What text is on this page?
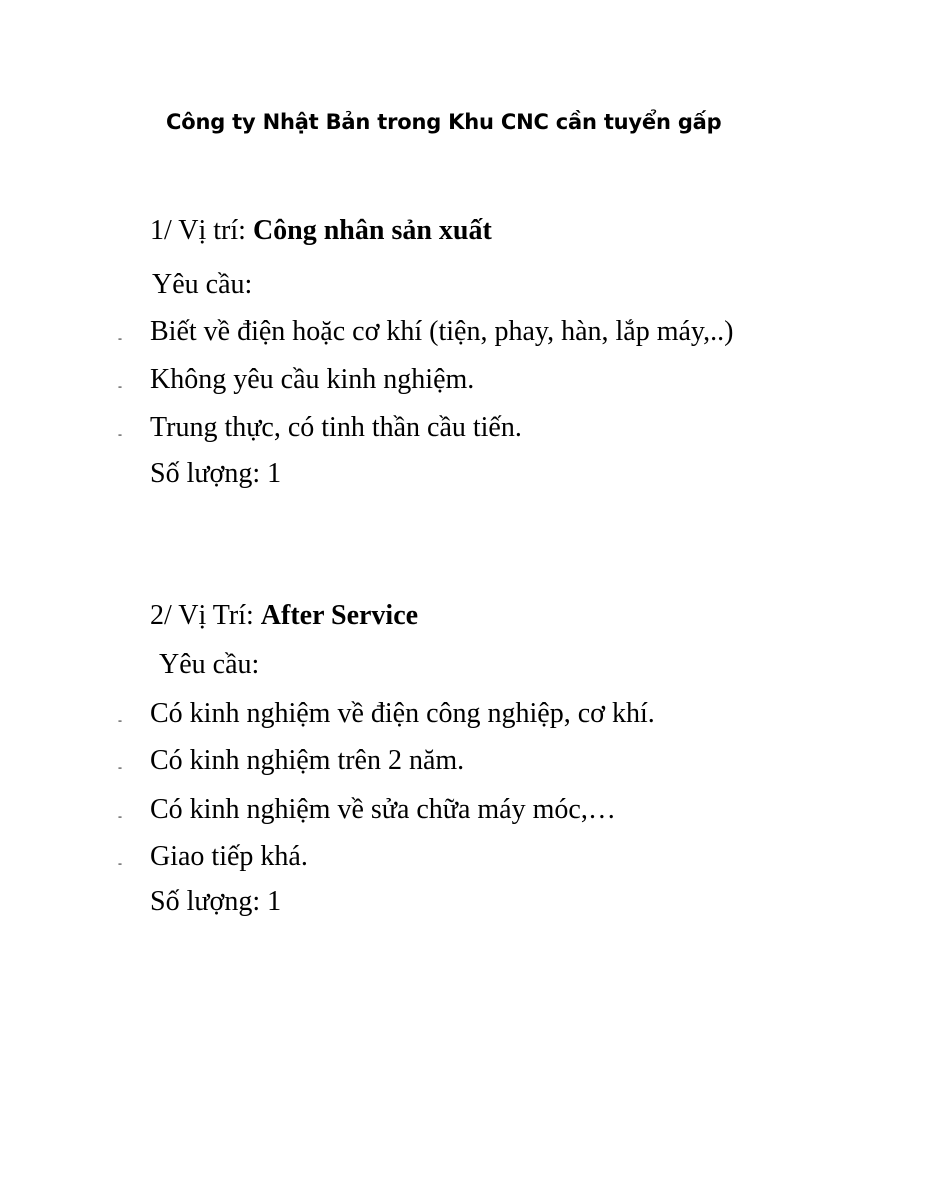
Công ty Nhật Bản trong Khu CNC cần tuyển gấp
1/ Vị trí: Công nhân sản xuất
Yêu cầu:
- Biết về điện hoặc cơ khí (tiện, phay, hàn, lắp máy,..)
- Không yêu cầu kinh nghiệm.
- Trung thực, có tinh thần cầu tiến.
Số lượng: 1
2/ Vị Trí: After Service
Yêu cầu:
- Có kinh nghiệm về điện công nghiệp, cơ khí.
- Có kinh nghiệm trên 2 năm.
- Có kinh nghiệm về sửa chữa máy móc,…
- Giao tiếp khá.
Số lượng: 1
